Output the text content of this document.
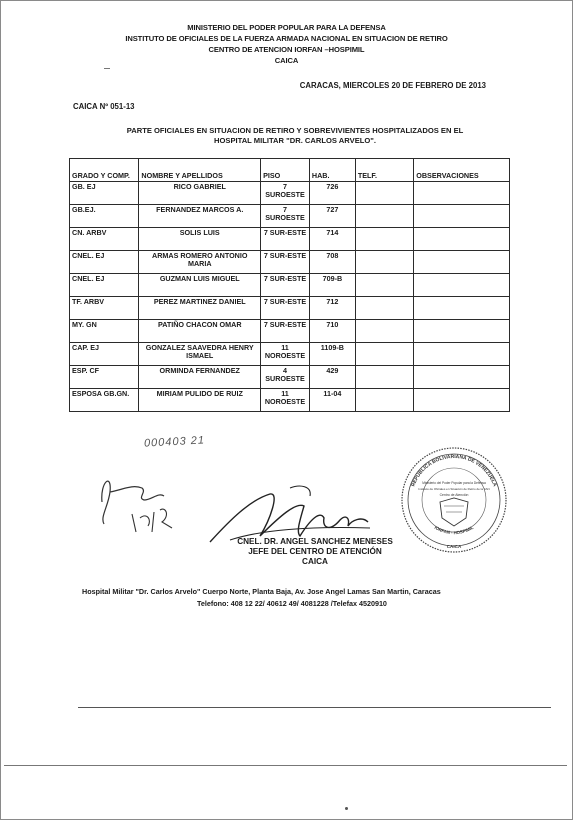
MINISTERIO DEL PODER POPULAR PARA LA DEFENSA
INSTITUTO DE OFICIALES DE LA FUERZA ARMADA NACIONAL EN SITUACION DE RETIRO
CENTRO DE ATENCION IORFAN –HOSPIMIL
CAICA
CARACAS, MIERCOLES 20 DE FEBRERO DE 2013
CAICA Nº 051-13
PARTE OFICIALES EN SITUACION DE RETIRO Y SOBREVIVIENTES HOSPITALIZADOS EN EL
HOSPITAL MILITAR "DR. CARLOS ARVELO".
GRADO Y COMP.	NOMBRE Y APELLIDOS	PISO	HAB.	TELF.	OBSERVACIONES
GB. EJ	RICO GABRIEL	7 SUROESTE	726		
GB.EJ.	FERNANDEZ MARCOS A.	7 SUROESTE	727		
CN. ARBV	SOLIS LUIS	7 SUR-ESTE	714		
CNEL. EJ	ARMAS ROMERO ANTONIO MARIA	7 SUR-ESTE	708		
CNEL. EJ	GUZMAN LUIS MIGUEL	7 SUR-ESTE	709-B		
TF. ARBV	PEREZ MARTINEZ DANIEL	7 SUR-ESTE	712		
MY. GN	PATIÑO CHACON OMAR	7 SUR-ESTE	710		
CAP. EJ	GONZALEZ SAAVEDRA HENRY ISMAEL	11 NOROESTE	1109-B		
ESP. CF	ORMINDA FERNANDEZ	4 SUROESTE	429		
ESPOSA GB.GN.	MIRIAM PULIDO DE RUIZ	11 NOROESTE	11-04		
000403 21
CNEL. DR. ANGEL SANCHEZ MENESES
JEFE DEL CENTRO DE ATENCIÓN
CAICA
REPÚBLICA BOLIVARIANA DE VENEZUELA
Ministerio del Poder Popular para la Defensa
Instituto de Oficiales en Situación de Retiro de la FAN
Centro de Atención
IORFAN - HOSPIMIL
CAICA
Hospital Militar "Dr. Carlos Arvelo" Cuerpo Norte, Planta Baja, Av. Jose Angel Lamas San Martin, Caracas
Telefono: 408 12 22/ 40612 49/ 4081228 /Telefax 4520910
